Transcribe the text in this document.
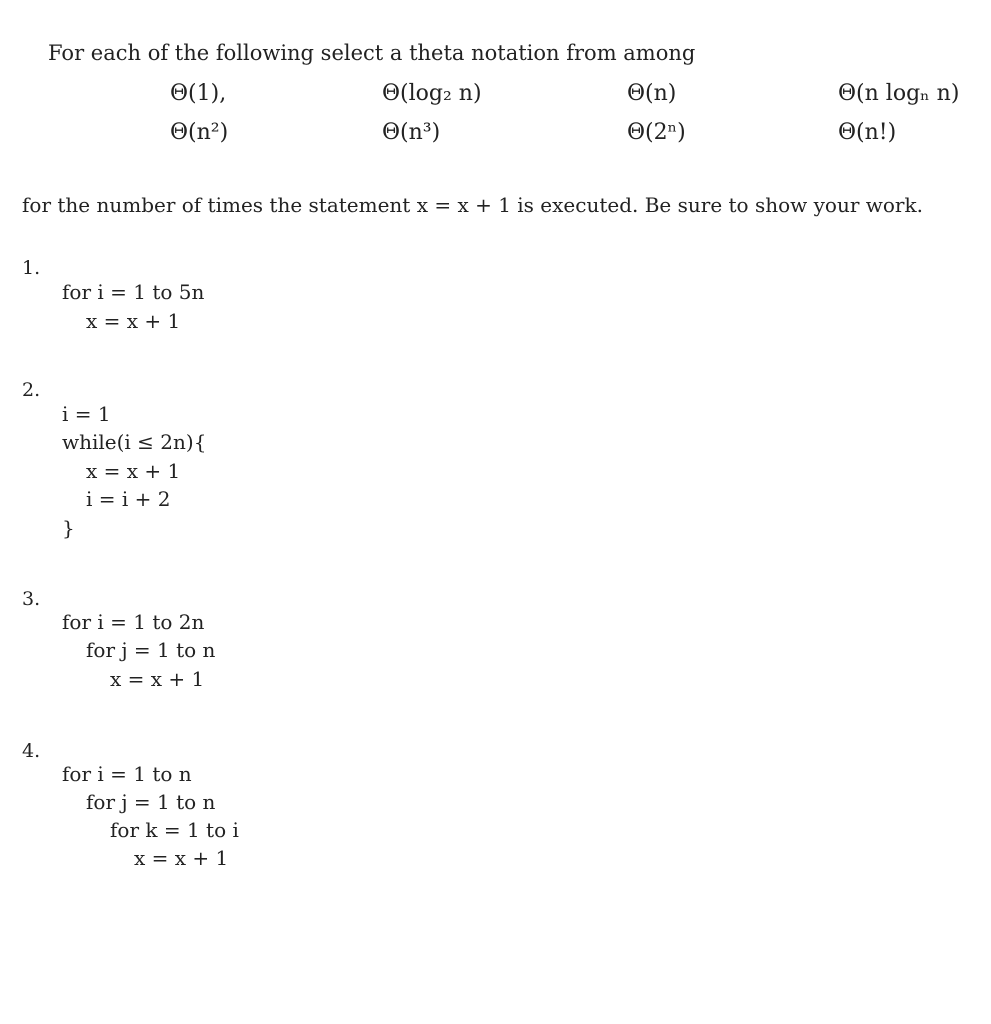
For each of the following select a theta notation from among
Θ(1),	Θ(log₂ n)	Θ(n)	Θ(n logₙ n)
Θ(n²)	Θ(n³)	Θ(2ⁿ)	Θ(n!)
for the number of times the statement x = x + 1 is executed. Be sure to show your work.
1.
for i = 1 to 5n
x = x + 1
2.
i = 1
while(i ≤ 2n){
x = x + 1
i = i + 2
}
3.
for i = 1 to 2n
for j = 1 to n
x = x + 1
4.
for i = 1 to n
for j = 1 to n
for k = 1 to i
x = x + 1
